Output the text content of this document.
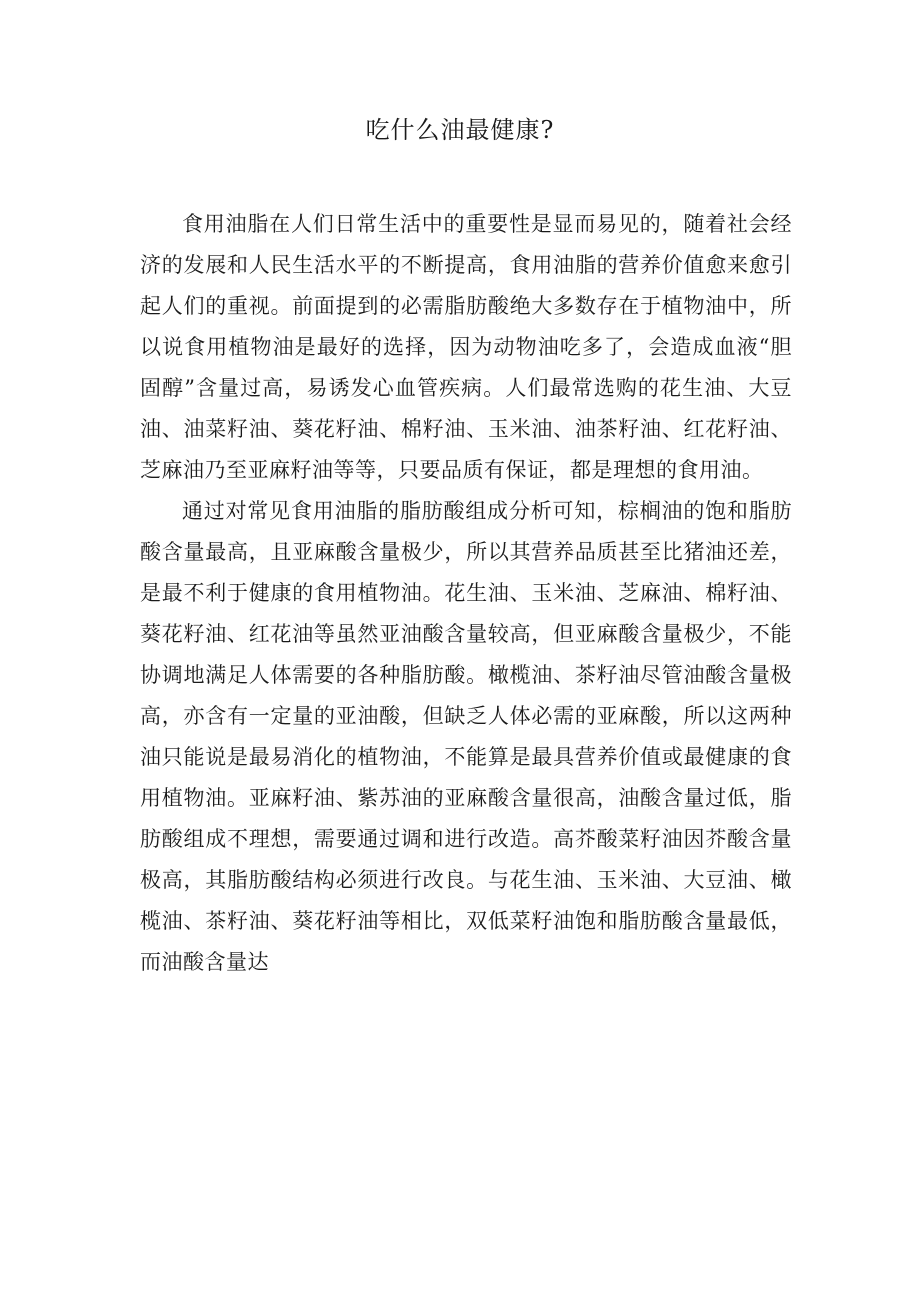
吃什么油最健康?

食用油脂在人们日常生活中的重要性是显而易见的，随着社会经济的发展和人民生活水平的不断提高，食用油脂的营养价值愈来愈引起人们的重视。前面提到的必需脂肪酸绝大多数存在于植物油中，所以说食用植物油是最好的选择，因为动物油吃多了，会造成血液“胆固醇”含量过高，易诱发心血管疾病。人们最常选购的花生油、大豆油、油菜籽油、葵花籽油、棉籽油、玉米油、油茶籽油、红花籽油、芝麻油乃至亚麻籽油等等，只要品质有保证，都是理想的食用油。

通过对常见食用油脂的脂肪酸组成分析可知，棕榈油的饱和脂肪酸含量最高，且亚麻酸含量极少，所以其营养品质甚至比猪油还差，是最不利于健康的食用植物油。花生油、玉米油、芝麻油、棉籽油、葵花籽油、红花油等虽然亚油酸含量较高，但亚麻酸含量极少，不能协调地满足人体需要的各种脂肪酸。橄榄油、茶籽油尽管油酸含量极高，亦含有一定量的亚油酸，但缺乏人体必需的亚麻酸，所以这两种油只能说是最易消化的植物油，不能算是最具营养价值或最健康的食用植物油。亚麻籽油、紫苏油的亚麻酸含量很高，油酸含量过低，脂肪酸组成不理想，需要通过调和进行改造。高芥酸菜籽油因芥酸含量极高，其脂肪酸结构必须进行改良。与花生油、玉米油、大豆油、橄榄油、茶籽油、葵花籽油等相比，双低菜籽油饱和脂肪酸含量最低，而油酸含量达
